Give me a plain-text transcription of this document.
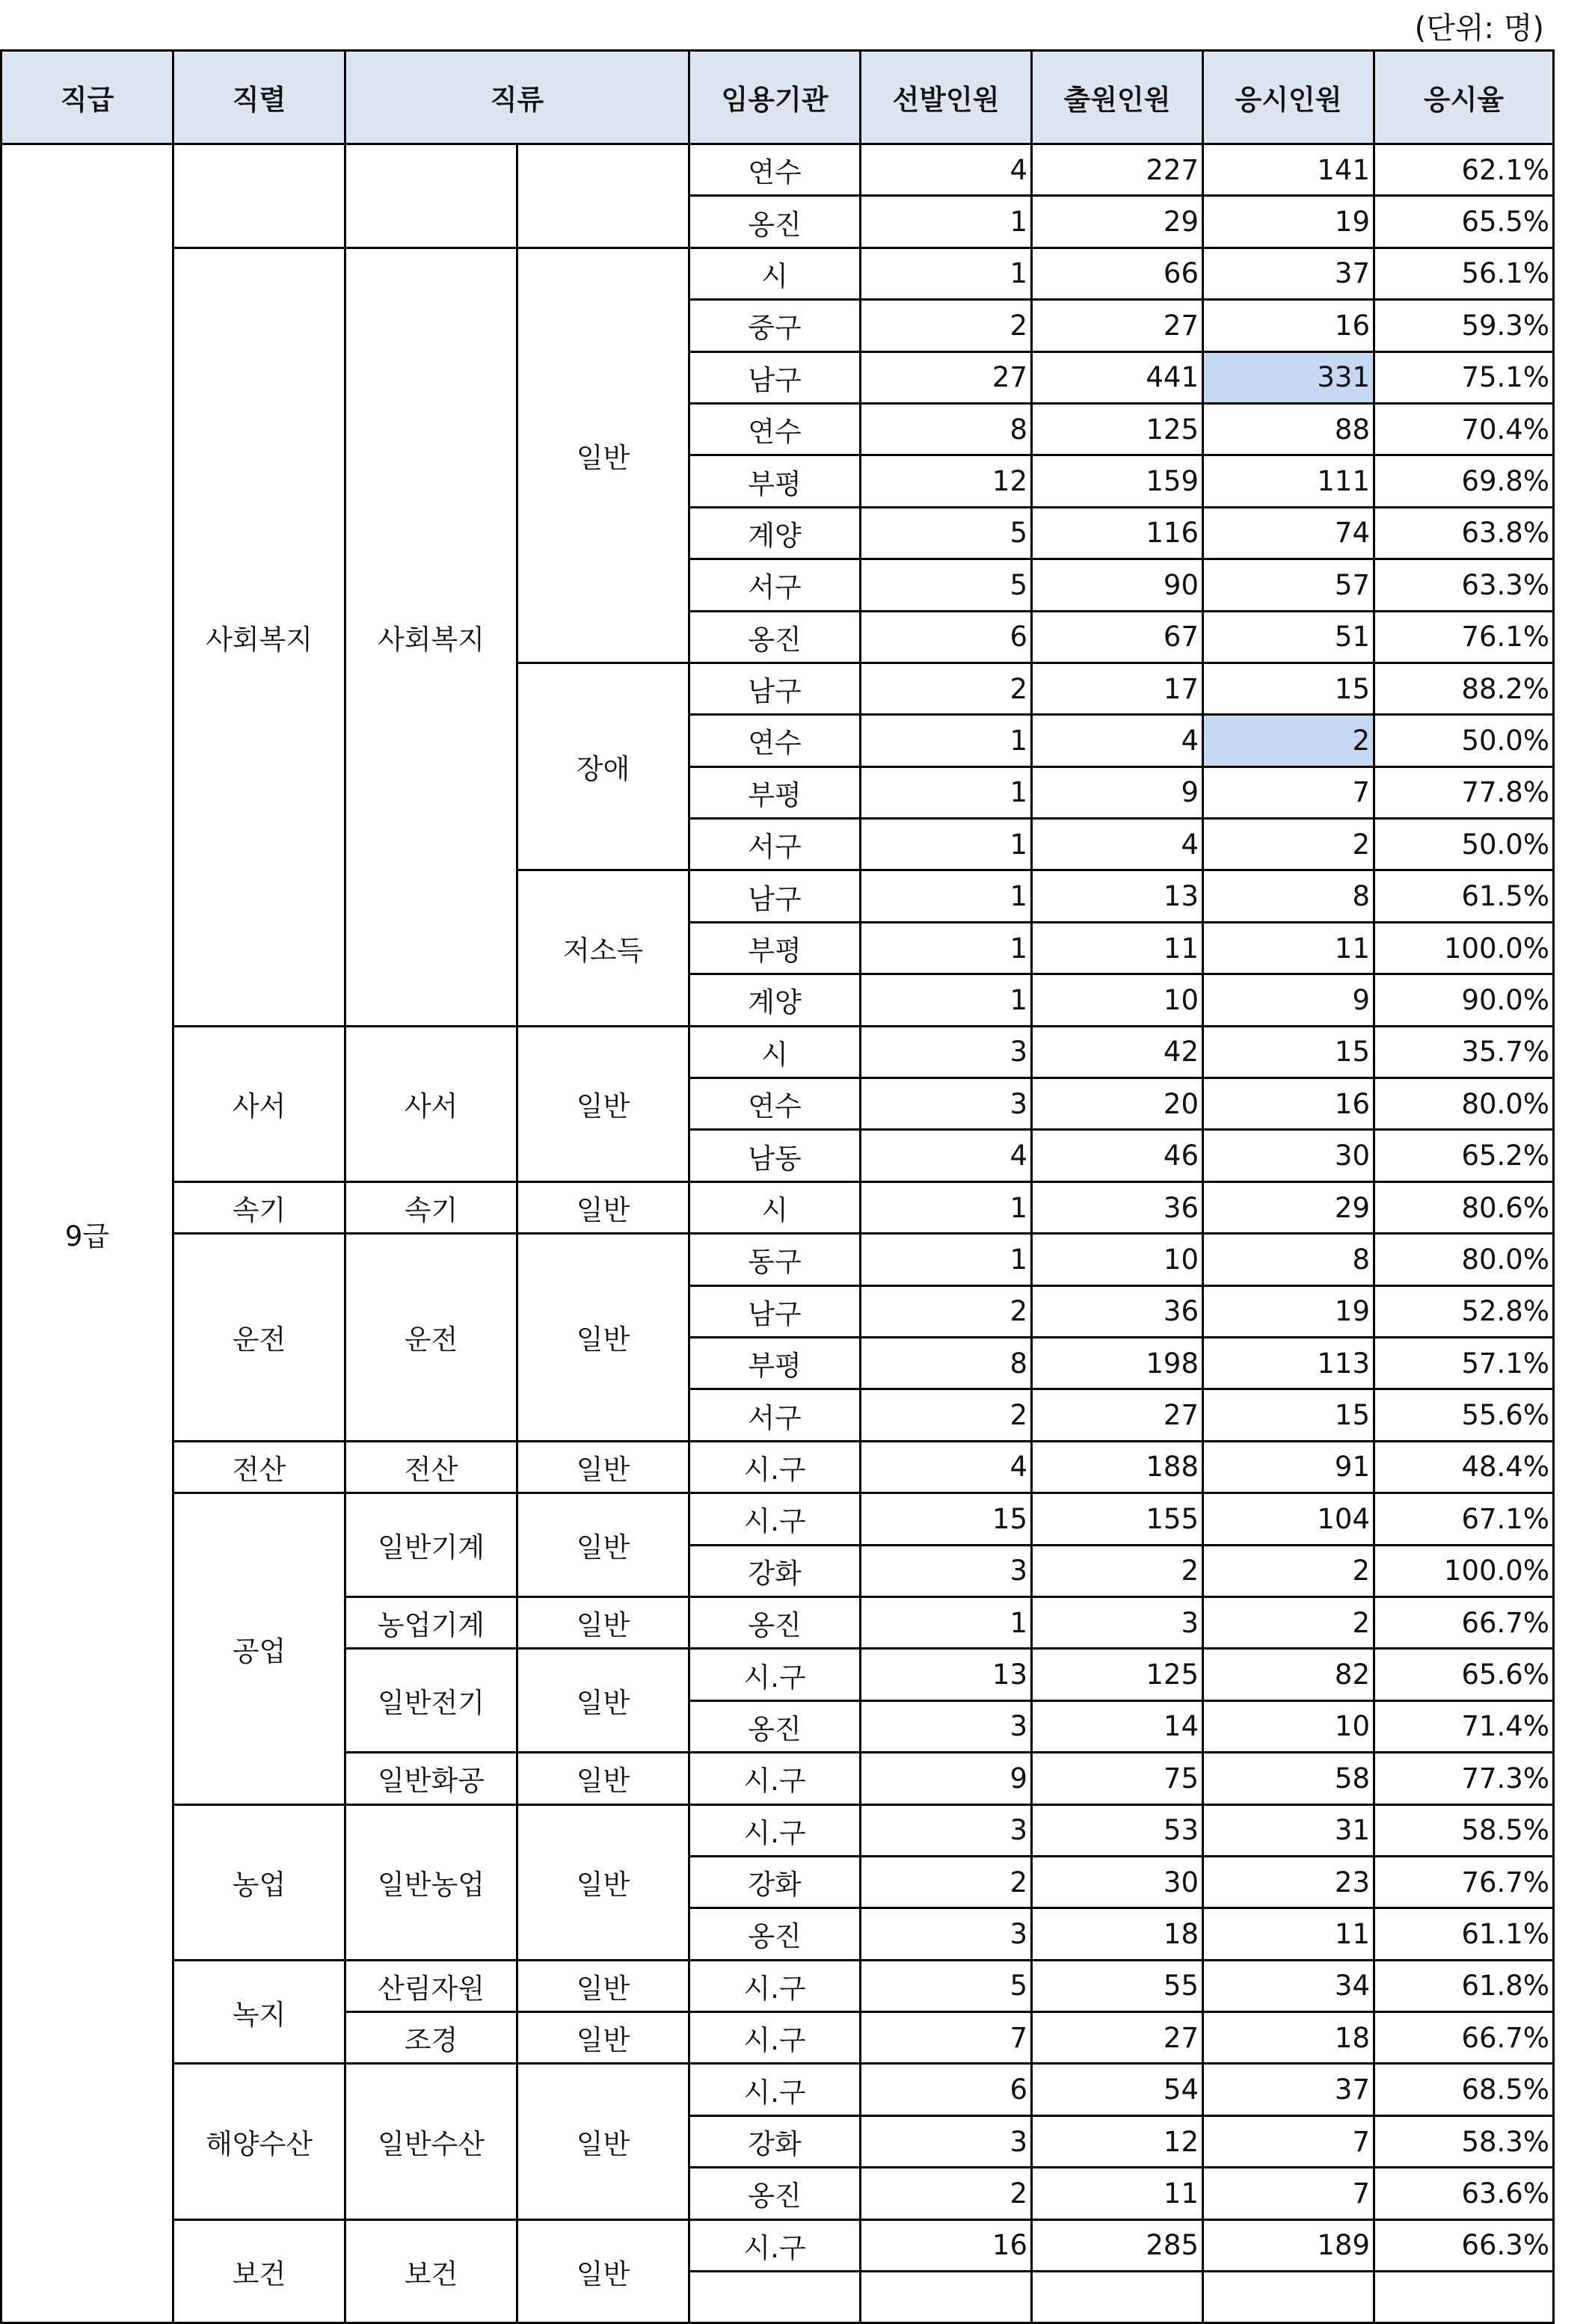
(단위: 명)
직급	직렬	직류		임용기관	선발인원	출원인원	응시인원	응시율
9급				연수	4	227	141	62.1%
				옹진	1	29	19	65.5%
	사회복지	사회복지	일반	시	1	66	37	56.1%
				중구	2	27	16	59.3%
				남구	27	441	331	75.1%
				연수	8	125	88	70.4%
				부평	12	159	111	69.8%
				계양	5	116	74	63.8%
				서구	5	90	57	63.3%
				옹진	6	67	51	76.1%
			장애	남구	2	17	15	88.2%
				연수	1	4	2	50.0%
				부평	1	9	7	77.8%
				서구	1	4	2	50.0%
			저소득	남구	1	13	8	61.5%
				부평	1	11	11	100.0%
				계양	1	10	9	90.0%
	사서	사서	일반	시	3	42	15	35.7%
				연수	3	20	16	80.0%
				남동	4	46	30	65.2%
	속기	속기	일반	시	1	36	29	80.6%
	운전	운전	일반	동구	1	10	8	80.0%
				남구	2	36	19	52.8%
				부평	8	198	113	57.1%
				서구	2	27	15	55.6%
	전산	전산	일반	시.구	4	188	91	48.4%
	공업	일반기계	일반	시.구	15	155	104	67.1%
				강화	3	2	2	100.0%
		농업기계	일반	옹진	1	3	2	66.7%
		일반전기	일반	시.구	13	125	82	65.6%
				옹진	3	14	10	71.4%
		일반화공	일반	시.구	9	75	58	77.3%
	농업	일반농업	일반	시.구	3	53	31	58.5%
				강화	2	30	23	76.7%
				옹진	3	18	11	61.1%
	녹지	산림자원	일반	시.구	5	55	34	61.8%
		조경	일반	시.구	7	27	18	66.7%
	해양수산	일반수산	일반	시.구	6	54	37	68.5%
				강화	3	12	7	58.3%
				옹진	2	11	7	63.6%
	보건	보건	일반	시.구	16	285	189	66.3%
